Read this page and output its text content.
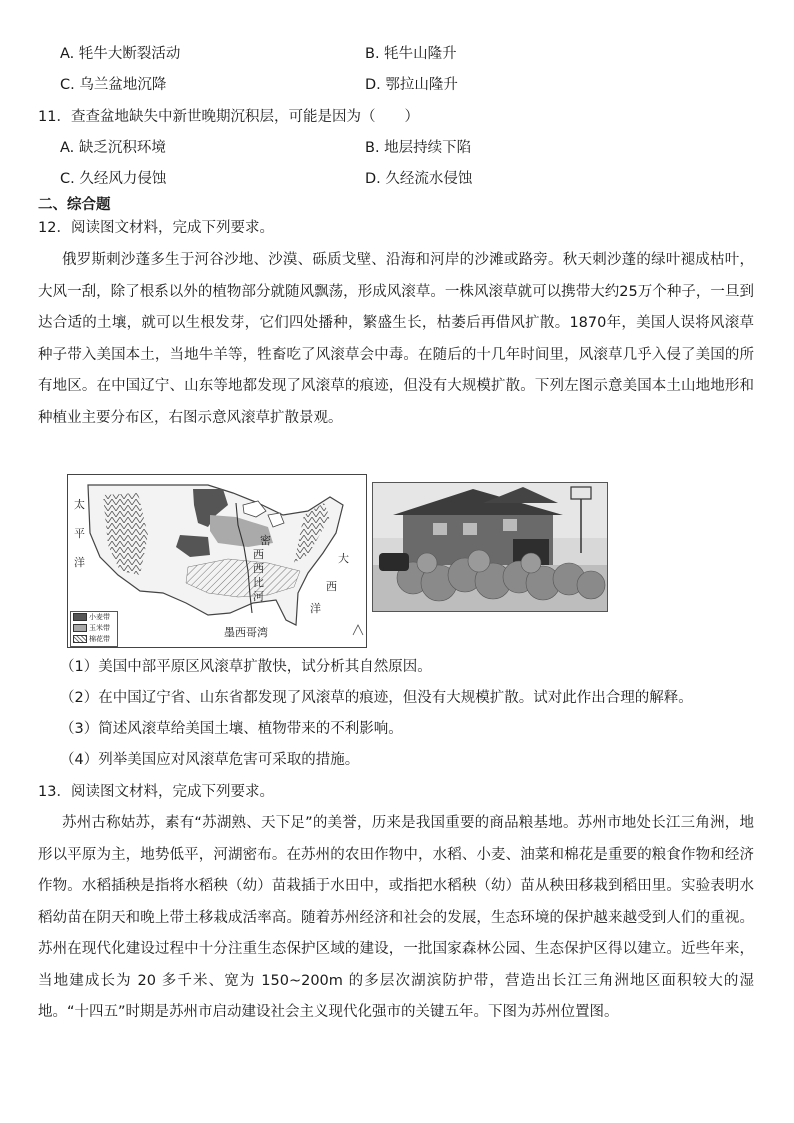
A. 牦牛大断裂活动	B. 牦牛山隆升
C. 乌兰盆地沉降	D. 鄂拉山隆升
11．查查盆地缺失中新世晚期沉积层，可能是因为（　　）
A. 缺乏沉积环境	B. 地层持续下陷
C. 久经风力侵蚀	D. 久经流水侵蚀
二、综合题
12．阅读图文材料，完成下列要求。
俄罗斯刺沙蓬多生于河谷沙地、沙漠、砾质戈壁、沿海和河岸的沙滩或路旁。秋天刺沙蓬的绿叶褪成枯叶，大风一刮，除了根系以外的植物部分就随风飘荡，形成风滚草。一株风滚草就可以携带大约25万个种子，一旦到达合适的土壤，就可以生根发芽，它们四处播种，繁盛生长，枯萎后再借风扩散。1870年，美国人误将风滚草种子带入美国本土，当地牛羊等，牲畜吃了风滚草会中毒。在随后的十几年时间里，风滚草几乎入侵了美国的所有地区。在中国辽宁、山东等地都发现了风滚草的痕迹，但没有大规模扩散。下列左图示意美国本土山地地形和种植业主要分布区，右图示意风滚草扩散景观。
太
平
洋	大
西
洋
密
西
西
比
河
墨西哥湾
小麦带
玉米带
棉花带
（1）美国中部平原区风滚草扩散快，试分析其自然原因。
（2）在中国辽宁省、山东省都发现了风滚草的痕迹，但没有大规模扩散。试对此作出合理的解释。
（3）简述风滚草给美国土壤、植物带来的不利影响。
（4）列举美国应对风滚草危害可采取的措施。
13．阅读图文材料，完成下列要求。
苏州古称姑苏，素有“苏湖熟、天下足”的美誉，历来是我国重要的商品粮基地。苏州市地处长江三角洲，地形以平原为主，地势低平，河湖密布。在苏州的农田作物中，水稻、小麦、油菜和棉花是重要的粮食作物和经济作物。水稻插秧是指将水稻秧（幼）苗栽插于水田中，或指把水稻秧（幼）苗从秧田移栽到稻田里。实验表明水稻幼苗在阴天和晚上带土移栽成活率高。随着苏州经济和社会的发展，生态环境的保护越来越受到人们的重视。苏州在现代化建设过程中十分注重生态保护区域的建设，一批国家森林公园、生态保护区得以建立。近些年来，当地建成长为 20 多千米、宽为 150~200m 的多层次湖滨防护带，营造出长江三角洲地区面积较大的湿地。“十四五”时期是苏州市启动建设社会主义现代化强市的关键五年。下图为苏州位置图。
